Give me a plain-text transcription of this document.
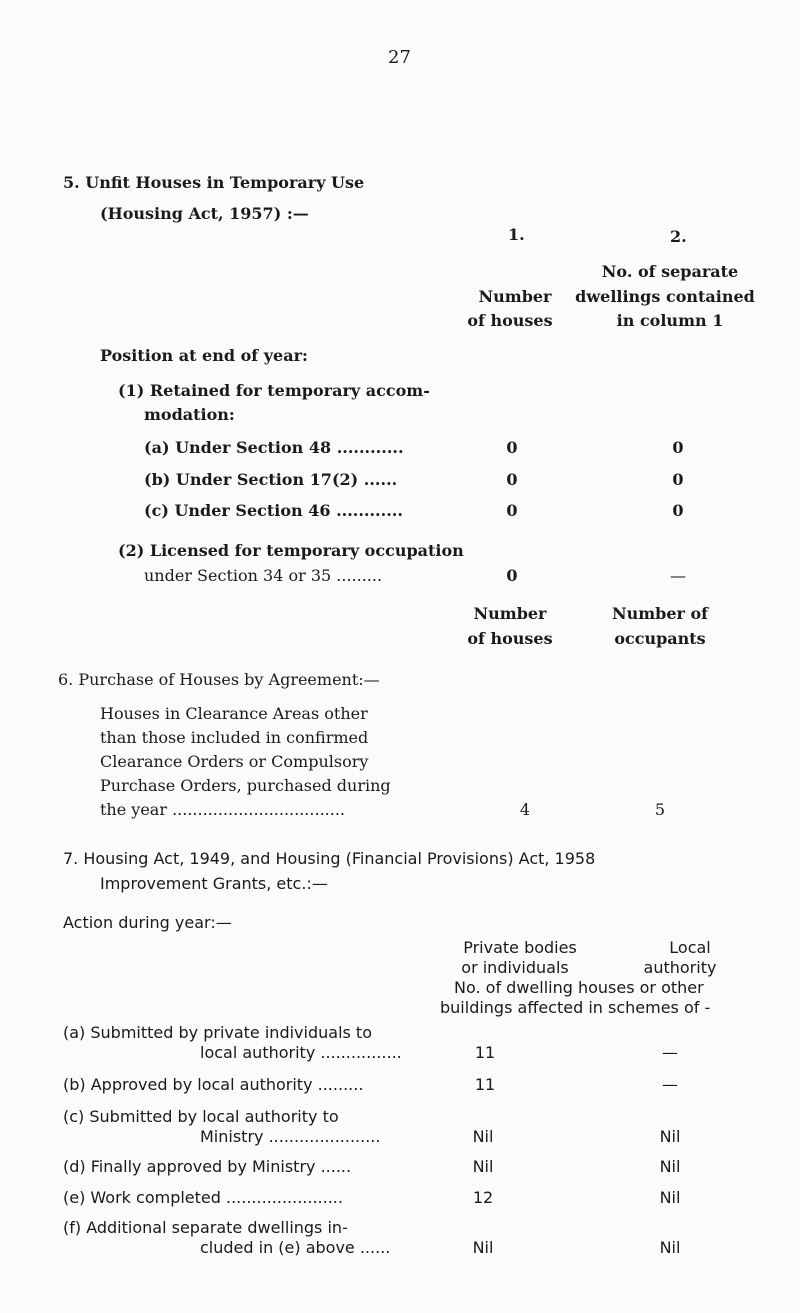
27
5. Unfit Houses in Temporary Use
(Housing Act, 1957) :—
1.	2.
Number
of houses
No. of separate
dwellings contained
in column 1
Position at end of year:
(1) Retained for temporary accom-
modation:
(a) Under Section 48 ............	0	0
(b) Under Section 17(2) ......	0	0
(c) Under Section 46 ............	0	0
(2) Licensed for temporary occupation
under Section 34 or 35 .........	0	—
Number
of houses
Number of
occupants
6. Purchase of Houses by Agreement:—
Houses in Clearance Areas other
than those included in confirmed
Clearance Orders or Compulsory
Purchase Orders, purchased during
the year ..................................	4	5
7. Housing Act, 1949, and Housing (Financial Provisions) Act, 1958
Improvement Grants, etc.:—
Action during year:—
Private bodies
or individuals
Local
authority
No. of dwelling houses or other
buildings affected in schemes of -
(a) Submitted by private individuals to
local authority ................	11	—
(b) Approved by local authority .........	11	—
(c) Submitted by local authority to
Ministry ......................	Nil	Nil
(d) Finally approved by Ministry ......	Nil	Nil
(e) Work completed .......................	12	Nil
(f) Additional separate dwellings in-
cluded in (e) above ......	Nil	Nil
